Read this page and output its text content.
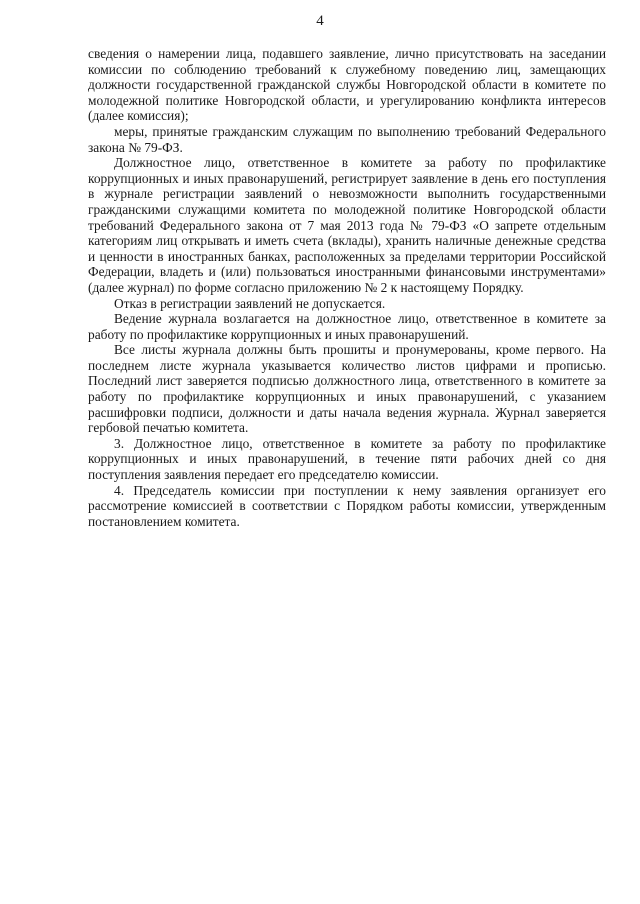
4

сведения о намерении лица, подавшего заявление, лично присутствовать на заседании комиссии по соблюдению требований к служебному поведению лиц, замещающих должности государственной гражданской службы Новгородской области в комитете по молодежной политике Новгородской области, и урегулированию конфликта интересов (далее комиссия);

меры, принятые гражданским служащим по выполнению требований Федерального закона № 79-ФЗ.

Должностное лицо, ответственное в комитете за работу по профилактике коррупционных и иных правонарушений, регистрирует заявление в день его поступления в журнале регистрации заявлений о невозможности выполнить государственными гражданскими служащими комитета по молодежной политике Новгородской области требований Федерального закона от 7 мая 2013 года № 79-ФЗ «О запрете отдельным категориям лиц открывать и иметь счета (вклады), хранить наличные денежные средства и ценности в иностранных банках, расположенных за пределами территории Российской Федерации, владеть и (или) пользоваться иностранными финансовыми инструментами» (далее журнал) по форме согласно приложению № 2 к настоящему Порядку.

Отказ в регистрации заявлений не допускается.

Ведение журнала возлагается на должностное лицо, ответственное в комитете за работу по профилактике коррупционных и иных правонарушений.

Все листы журнала должны быть прошиты и пронумерованы, кроме первого. На последнем листе журнала указывается количество листов цифрами и прописью. Последний лист заверяется подписью должностного лица, ответственного в комитете за работу по профилактике коррупционных и иных правонарушений, с указанием расшифровки подписи, должности и даты начала ведения журнала. Журнал заверяется гербовой печатью комитета.

3. Должностное лицо, ответственное в комитете за работу по профилактике коррупционных и иных правонарушений, в течение пяти рабочих дней со дня поступления заявления передает его председателю комиссии.

4. Председатель комиссии при поступлении к нему заявления организует его рассмотрение комиссией в соответствии с Порядком работы комиссии, утвержденным постановлением комитета.
